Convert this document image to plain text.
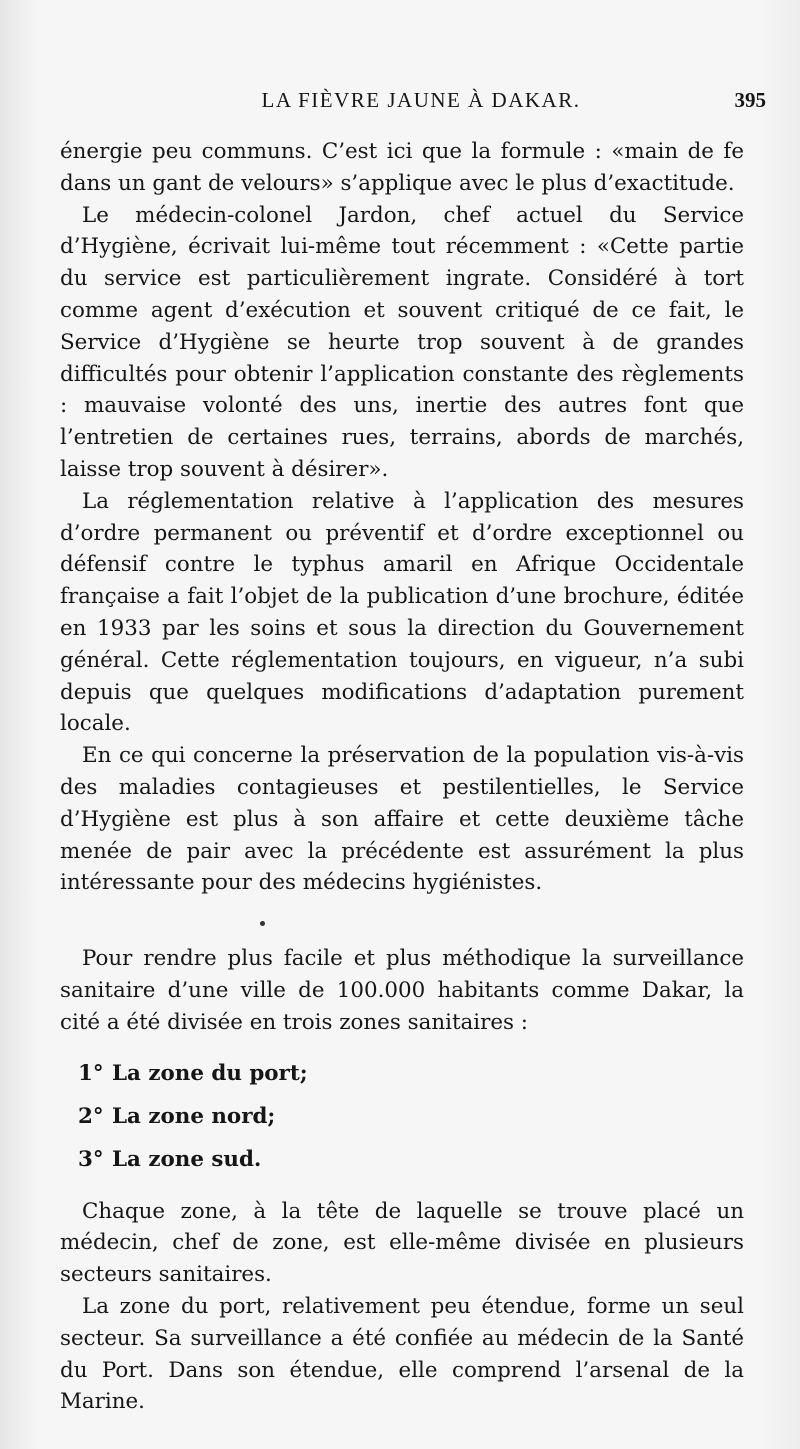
LA FIÈVRE JAUNE À DAKAR.	395

énergie peu communs. C’est ici que la formule : «main de fe dans un gant de velours» s’applique avec le plus d’exactitude.

Le médecin-colonel Jardon, chef actuel du Service d’Hygiène, écrivait lui-même tout récemment : «Cette partie du service est particulièrement ingrate. Considéré à tort comme agent d’exécution et souvent critiqué de ce fait, le Service d’Hygiène se heurte trop souvent à de grandes difficultés pour obtenir l’application constante des règlements : mauvaise volonté des uns, inertie des autres font que l’entretien de certaines rues, terrains, abords de marchés, laisse trop souvent à désirer».

La réglementation relative à l’application des mesures d’ordre permanent ou préventif et d’ordre exceptionnel ou défensif contre le typhus amaril en Afrique Occidentale française a fait l’objet de la publication d’une brochure, éditée en 1933 par les soins et sous la direction du Gouvernement général. Cette réglementation toujours, en vigueur, n’a subi depuis que quelques modifications d’adaptation purement locale.

En ce qui concerne la préservation de la population vis-à-vis des maladies contagieuses et pestilentielles, le Service d’Hygiène est plus à son affaire et cette deuxième tâche menée de pair avec la précédente est assurément la plus intéressante pour des médecins hygiénistes.

Pour rendre plus facile et plus méthodique la surveillance sanitaire d’une ville de 100.000 habitants comme Dakar, la cité a été divisée en trois zones sanitaires :

1° La zone du port;
2° La zone nord;
3° La zone sud.

Chaque zone, à la tête de laquelle se trouve placé un médecin, chef de zone, est elle-même divisée en plusieurs secteurs sanitaires.

La zone du port, relativement peu étendue, forme un seul secteur. Sa surveillance a été confiée au médecin de la Santé du Port. Dans son étendue, elle comprend l’arsenal de la Marine.
